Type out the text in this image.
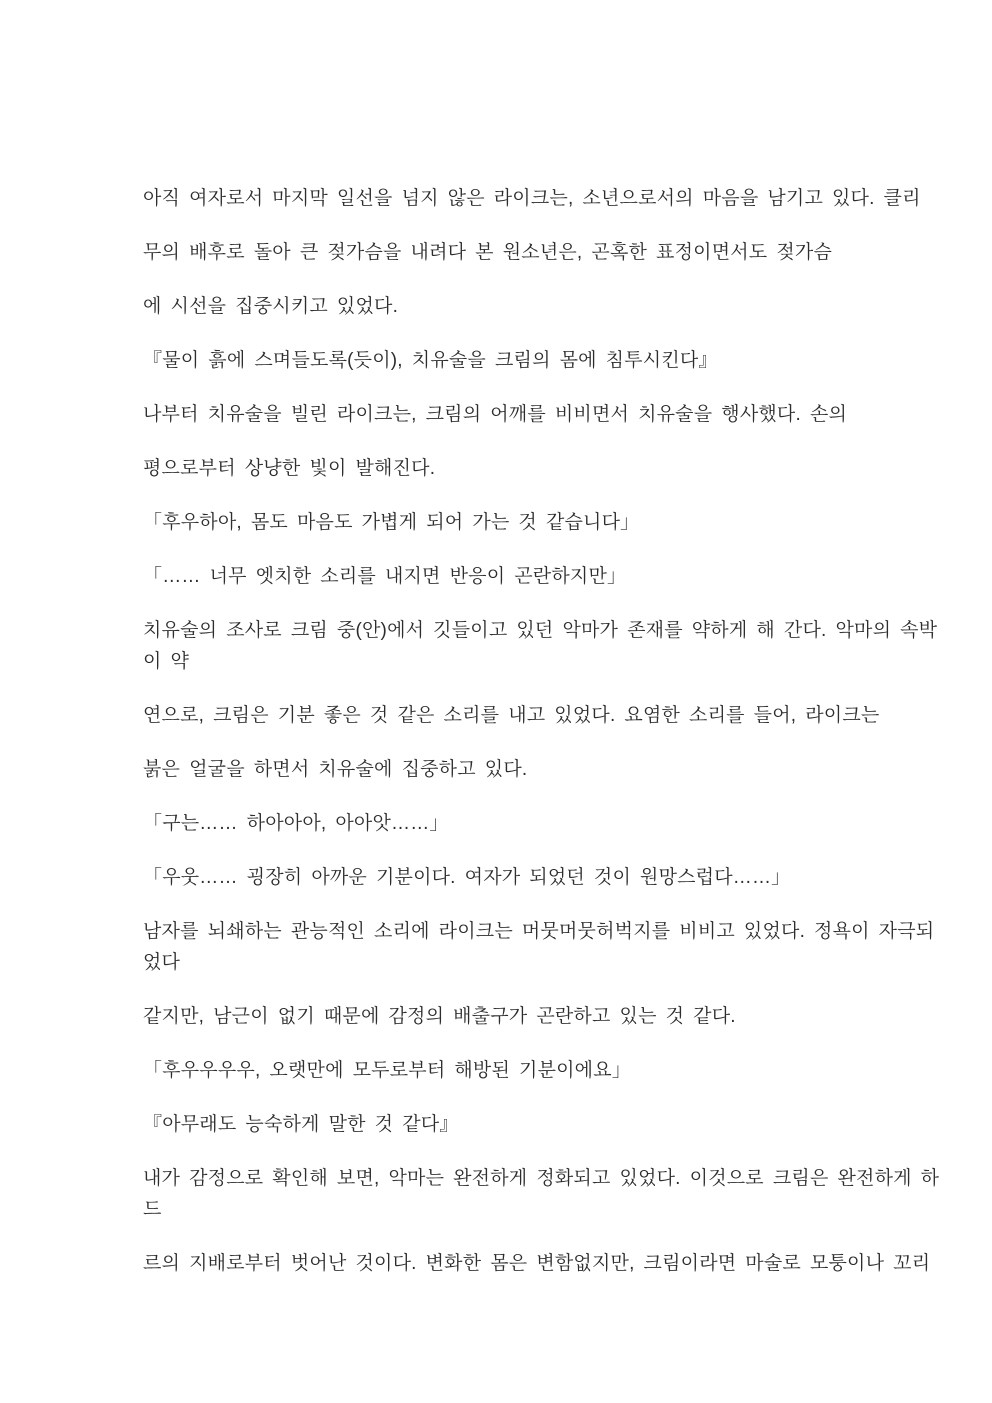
아직 여자로서 마지막 일선을 넘지 않은 라이크는, 소년으로서의 마음을 남기고 있다. 클리
무의 배후로 돌아 큰 젖가슴을 내려다 본 원소년은, 곤혹한 표정이면서도 젖가슴
에 시선을 집중시키고 있었다.
『물이 흙에 스며들도록(듯이), 치유술을 크림의 몸에 침투시킨다』
나부터 치유술을 빌린 라이크는, 크림의 어깨를 비비면서 치유술을 행사했다. 손의
평으로부터 상냥한 빛이 발해진다.
「후우하아, 몸도 마음도 가볍게 되어 가는 것 같습니다」
「…… 너무 엣치한 소리를 내지면 반응이 곤란하지만」
치유술의 조사로 크림 중(안)에서 깃들이고 있던 악마가 존재를 약하게 해 간다. 악마의 속박
이 약
연으로, 크림은 기분 좋은 것 같은 소리를 내고 있었다. 요염한 소리를 들어, 라이크는
붉은 얼굴을 하면서 치유술에 집중하고 있다.
「구는…… 하아아아, 아아앗……」
「우웃…… 굉장히 아까운 기분이다. 여자가 되었던 것이 원망스럽다……」
남자를 뇌쇄하는 관능적인 소리에 라이크는 머뭇머뭇허벅지를 비비고 있었다. 정욕이 자극되
었다
같지만, 남근이 없기 때문에 감정의 배출구가 곤란하고 있는 것 같다.
「후우우우우, 오랫만에 모두로부터 해방된 기분이에요」
『아무래도 능숙하게 말한 것 같다』
내가 감정으로 확인해 보면, 악마는 완전하게 정화되고 있었다. 이것으로 크림은 완전하게 하
드
르의 지배로부터 벗어난 것이다. 변화한 몸은 변함없지만, 크림이라면 마술로 모퉁이나 꼬리
